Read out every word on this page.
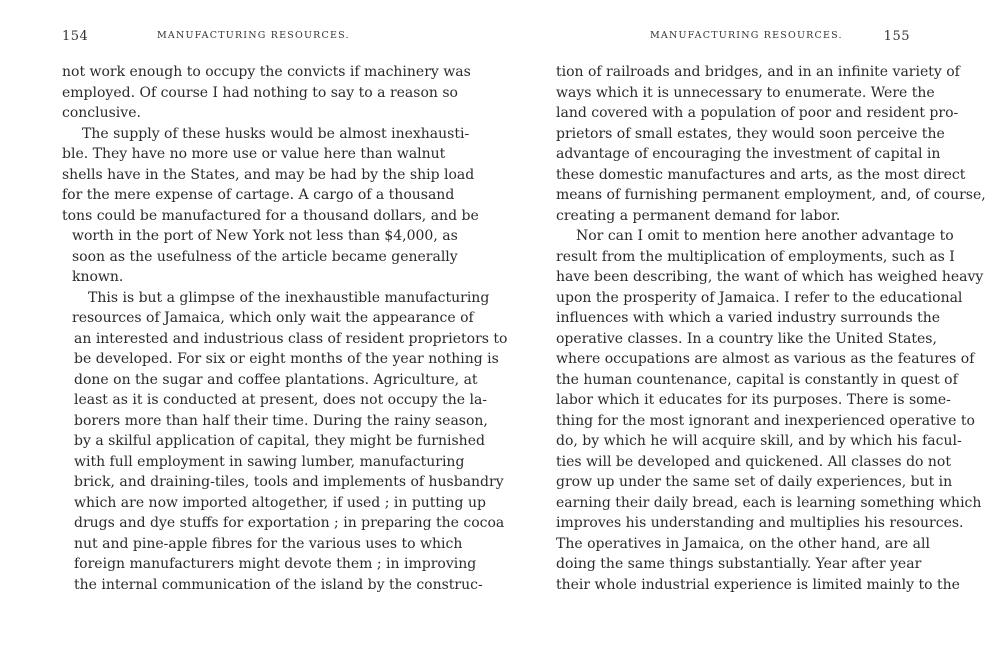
154	MANUFACTURING RESOURCES.
not work enough to occupy the convicts if machinery was
employed. Of course I had nothing to say to a reason so
conclusive.
The supply of these husks would be almost inexhausti-
ble. They have no more use or value here than walnut
shells have in the States, and may be had by the ship load
for the mere expense of cartage. A cargo of a thousand
tons could be manufactured for a thousand dollars, and be
worth in the port of New York not less than $4,000, as
soon as the usefulness of the article became generally
known.
This is but a glimpse of the inexhaustible manufacturing
resources of Jamaica, which only wait the appearance of
an interested and industrious class of resident proprietors to
be developed. For six or eight months of the year nothing is
done on the sugar and coffee plantations. Agriculture, at
least as it is conducted at present, does not occupy the la-
borers more than half their time. During the rainy season,
by a skilful application of capital, they might be furnished
with full employment in sawing lumber, manufacturing
brick, and draining-tiles, tools and implements of husbandry
which are now imported altogether, if used ; in putting up
drugs and dye stuffs for exportation ; in preparing the cocoa
nut and pine-apple fibres for the various uses to which
foreign manufacturers might devote them ; in improving
the internal communication of the island by the construc-
MANUFACTURING RESOURCES.	155
tion of railroads and bridges, and in an infinite variety of
ways which it is unnecessary to enumerate. Were the
land covered with a population of poor and resident pro-
prietors of small estates, they would soon perceive the
advantage of encouraging the investment of capital in
these domestic manufactures and arts, as the most direct
means of furnishing permanent employment, and, of course,
creating a permanent demand for labor.
Nor can I omit to mention here another advantage to
result from the multiplication of employments, such as I
have been describing, the want of which has weighed heavy
upon the prosperity of Jamaica. I refer to the educational
influences with which a varied industry surrounds the
operative classes. In a country like the United States,
where occupations are almost as various as the features of
the human countenance, capital is constantly in quest of
labor which it educates for its purposes. There is some-
thing for the most ignorant and inexperienced operative to
do, by which he will acquire skill, and by which his facul-
ties will be developed and quickened. All classes do not
grow up under the same set of daily experiences, but in
earning their daily bread, each is learning something which
improves his understanding and multiplies his resources.
The operatives in Jamaica, on the other hand, are all
doing the same things substantially. Year after year
their whole industrial experience is limited mainly to the
